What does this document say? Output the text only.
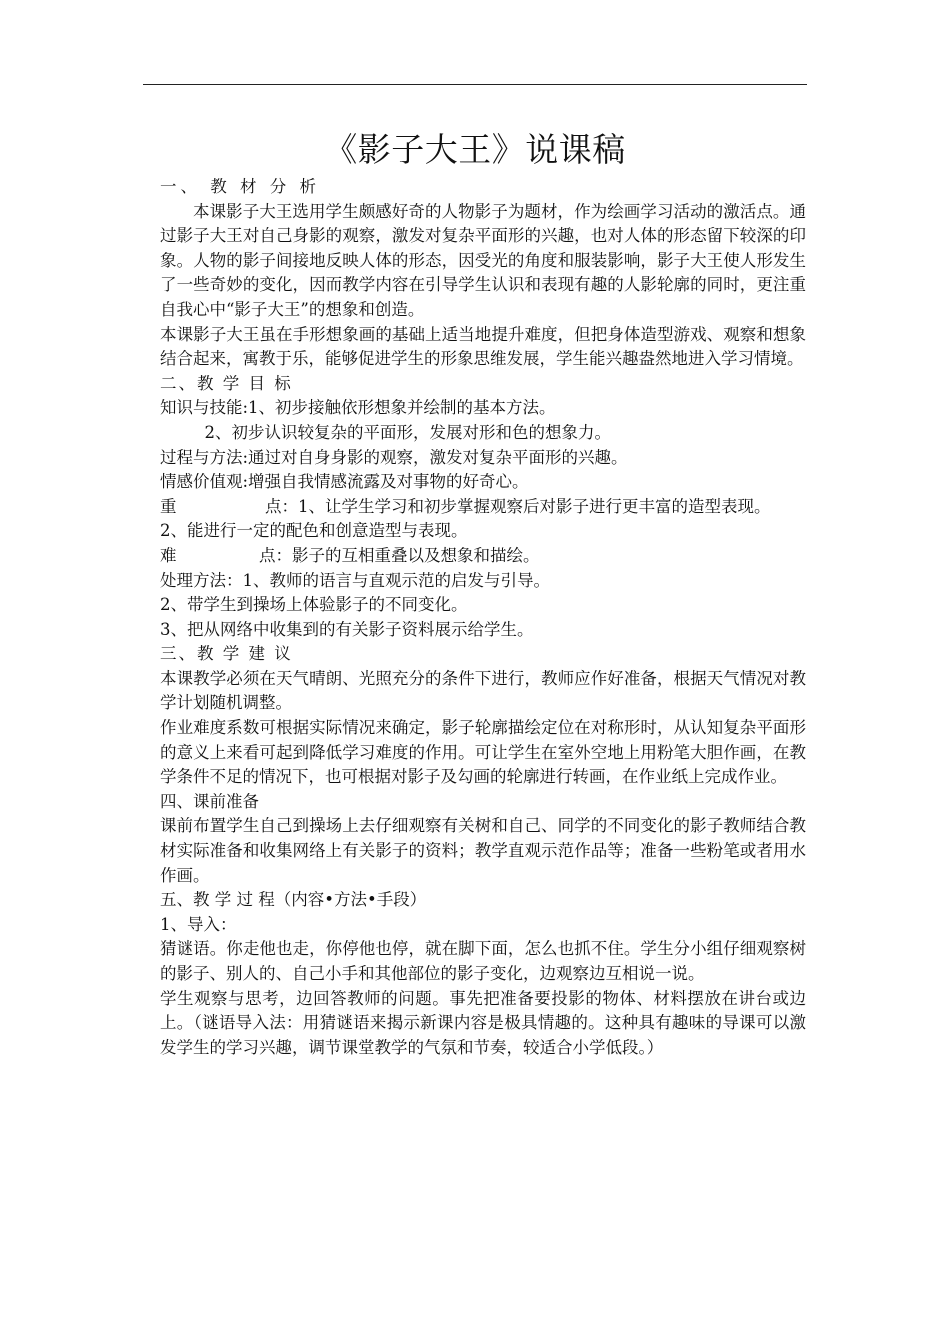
《影子大王》说课稿

一、 教 材 分 析

本课影子大王选用学生颇感好奇的人物影子为题材，作为绘画学习活动的激活点。通过影子大王对自己身影的观察，激发对复杂平面形的兴趣，也对人体的形态留下较深的印象。人物的影子间接地反映人体的形态，因受光的角度和服装影响，影子大王使人形发生了一些奇妙的变化，因而教学内容在引导学生认识和表现有趣的人影轮廓的同时，更注重自我心中“影子大王”的想象和创造。

本课影子大王虽在手形想象画的基础上适当地提升难度，但把身体造型游戏、观察和想象结合起来，寓教于乐，能够促进学生的形象思维发展，学生能兴趣盎然地进入学习情境。

二、教 学 目 标

知识与技能:1、初步接触依形想象并绘制的基本方法。

2、初步认识较复杂的平面形，发展对形和色的想象力。

过程与方法:通过对自身身影的观察，激发对复杂平面形的兴趣。

情感价值观:增强自我情感流露及对事物的好奇心。

重	点：1、让学生学习和初步掌握观察后对影子进行更丰富的造型表现。

2、能进行一定的配色和创意造型与表现。

难	点：影子的互相重叠以及想象和描绘。

处理方法：1、教师的语言与直观示范的启发与引导。

2、带学生到操场上体验影子的不同变化。

3、把从网络中收集到的有关影子资料展示给学生。

三、教 学 建 议

本课教学必须在天气晴朗、光照充分的条件下进行，教师应作好准备，根据天气情况对教学计划随机调整。

作业难度系数可根据实际情况来确定，影子轮廓描绘定位在对称形时，从认知复杂平面形的意义上来看可起到降低学习难度的作用。可让学生在室外空地上用粉笔大胆作画，在教学条件不足的情况下，也可根据对影子及勾画的轮廓进行转画，在作业纸上完成作业。

四、课前准备

课前布置学生自己到操场上去仔细观察有关树和自己、同学的不同变化的影子教师结合教材实际准备和收集网络上有关影子的资料；教学直观示范作品等；准备一些粉笔或者用水作画。

五、教 学 过 程（内容•方法•手段）

1、导入：

猜谜语。你走他也走，你停他也停，就在脚下面，怎么也抓不住。学生分小组仔细观察树的影子、别人的、自己小手和其他部位的影子变化，边观察边互相说一说。

学生观察与思考，边回答教师的问题。事先把准备要投影的物体、材料摆放在讲台或边上。（谜语导入法：用猜谜语来揭示新课内容是极具情趣的。这种具有趣味的导课可以激发学生的学习兴趣，调节课堂教学的气氛和节奏，较适合小学低段。）
